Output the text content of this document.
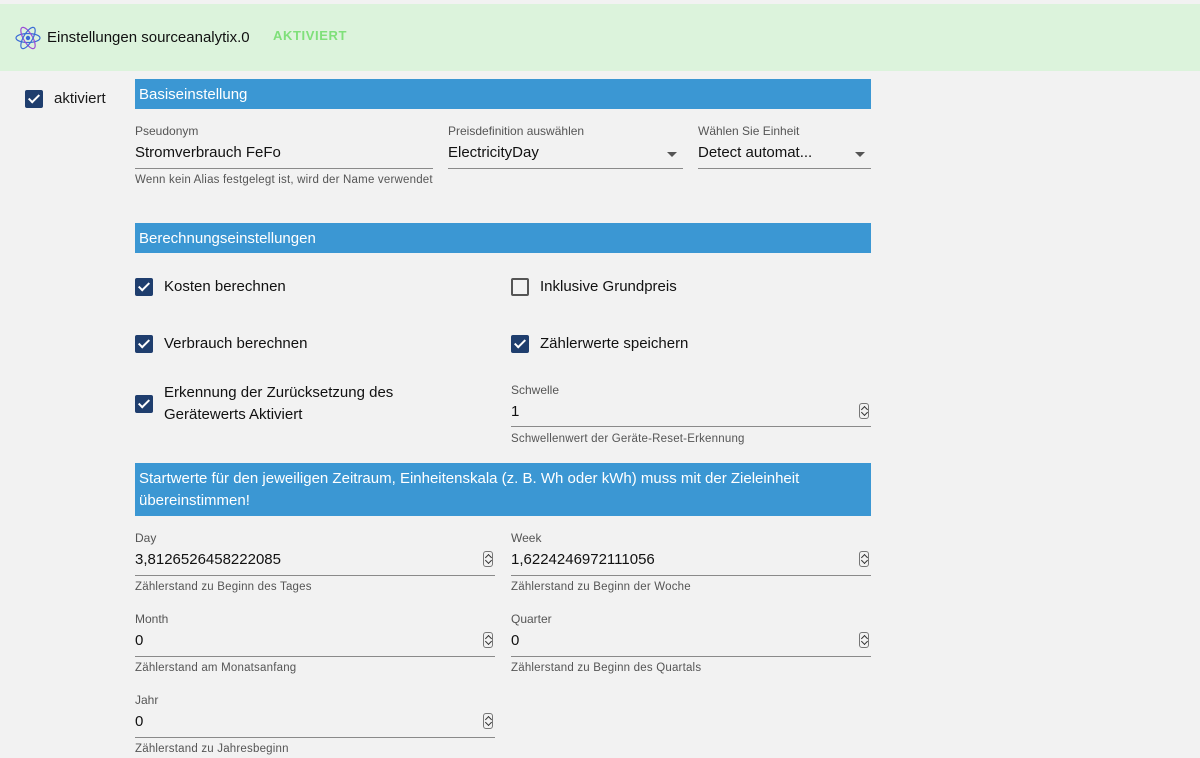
Einstellungen sourceanalytix.0 AKTIVIERT
aktiviert Basiseinstellung
Pseudonym
Stromverbrauch FeFo
Wenn kein Alias festgelegt ist, wird der Name verwendet
Preisdefinition auswählen
ElectricityDay
Wählen Sie Einheit
Detect automat...
Berechnungseinstellungen
Kosten berechnen	Inklusive Grundpreis
Verbrauch berechnen	Zählerwerte speichern
Erkennung der Zurücksetzung des Gerätewerts Aktiviert
Schwelle
1
Schwellenwert der Geräte-Reset-Erkennung
Startwerte für den jeweiligen Zeitraum, Einheitenskala (z. B. Wh oder kWh) muss mit der Zieleinheit übereinstimmen!
Day
3,8126526458222085
Zählerstand zu Beginn des Tages
Week
1,6224246972111056
Zählerstand zu Beginn der Woche
Month
0
Zählerstand am Monatsanfang
Quarter
0
Zählerstand zu Beginn des Quartals
Jahr
0
Zählerstand zu Jahresbeginn
